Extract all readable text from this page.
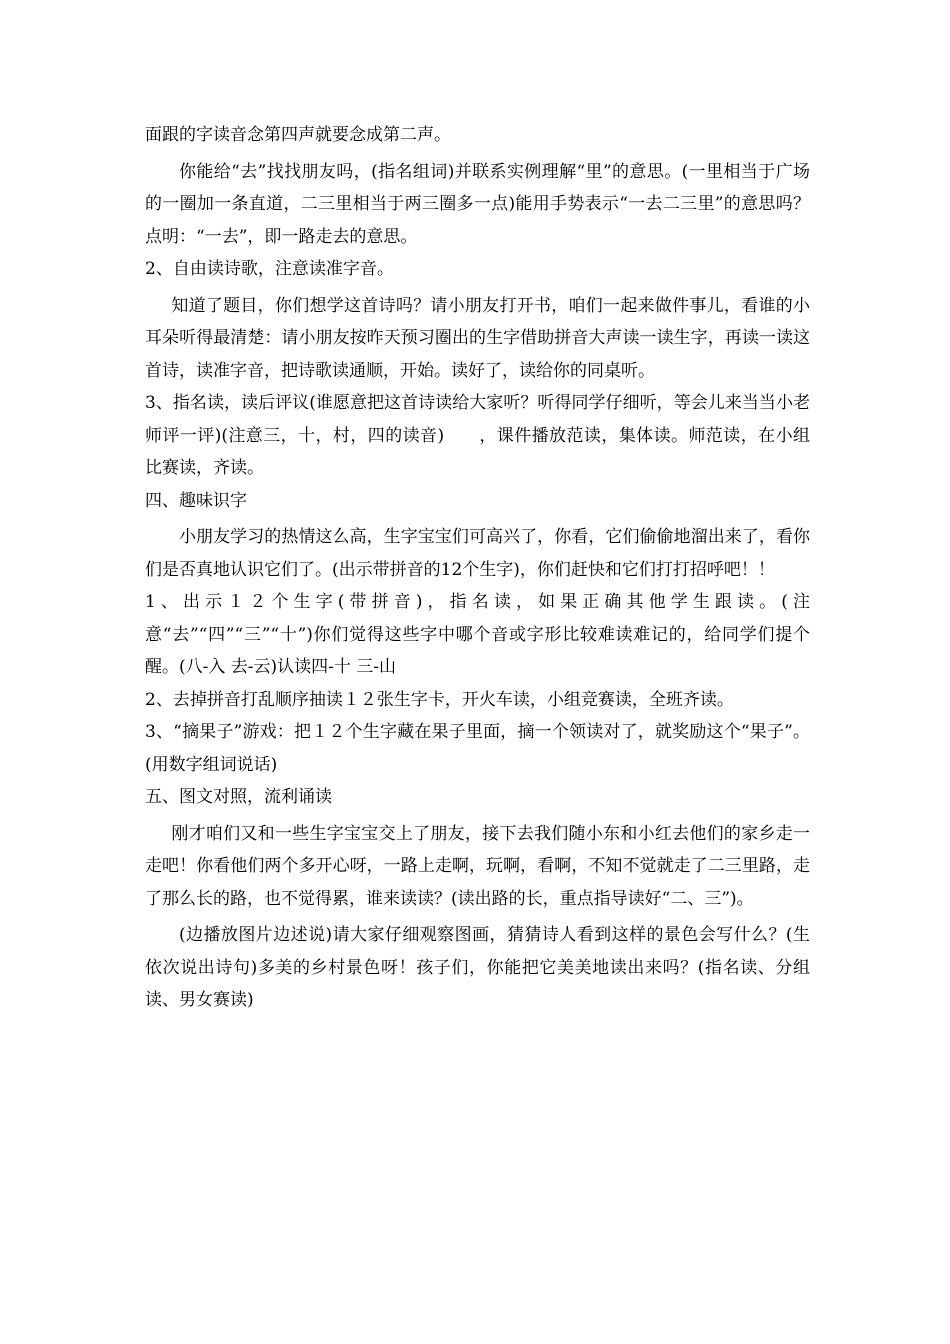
面跟的字读音念第四声就要念成第二声。

你能给“去”找找朋友吗，(指名组词)并联系实例理解“里”的意思。(一里相当于广场的一圈加一条直道，二三里相当于两三圈多一点)能用手势表示“一去二三里”的意思吗？点明：“一去”，即一路走去的意思。

2、自由读诗歌，注意读准字音。

知道了题目，你们想学这首诗吗？请小朋友打开书，咱们一起来做件事儿，看谁的小耳朵听得最清楚：请小朋友按昨天预习圈出的生字借助拼音大声读一读生字，再读一读这首诗，读准字音，把诗歌读通顺，开始。读好了，读给你的同桌听。

3、指名读，读后评议(谁愿意把这首诗读给大家听？听得同学仔细听，等会儿来当当小老师评一评)(注意三，十，村，四的读音)　　，课件播放范读，集体读。师范读，在小组比赛读，齐读。

四、趣味识字

小朋友学习的热情这么高，生字宝宝们可高兴了，你看，它们偷偷地溜出来了，看你们是否真地认识它们了。(出示带拼音的12个生字)，你们赶快和它们打打招呼吧！！

1、出示１２个生字(带拼音)，指名读，如果正确其他学生跟读。(注意“去”“四”“三”“十”)你们觉得这些字中哪个音或字形比较难读难记的，给同学们提个醒。(八-入 去-云)认读四-十 三-山

2、去掉拼音打乱顺序抽读１２张生字卡，开火车读，小组竞赛读，全班齐读。

3、“摘果子”游戏：把１２个生字藏在果子里面，摘一个领读对了，就奖励这个“果子”。(用数字组词说话)

五、图文对照，流利诵读

刚才咱们又和一些生字宝宝交上了朋友，接下去我们随小东和小红去他们的家乡走一走吧！你看他们两个多开心呀，一路上走啊，玩啊，看啊，不知不觉就走了二三里路，走了那么长的路，也不觉得累，谁来读读？(读出路的长，重点指导读好“二、三”)。

(边播放图片边述说)请大家仔细观察图画，猜猜诗人看到这样的景色会写什么？(生依次说出诗句)多美的乡村景色呀！孩子们，你能把它美美地读出来吗？(指名读、分组读、男女赛读)
